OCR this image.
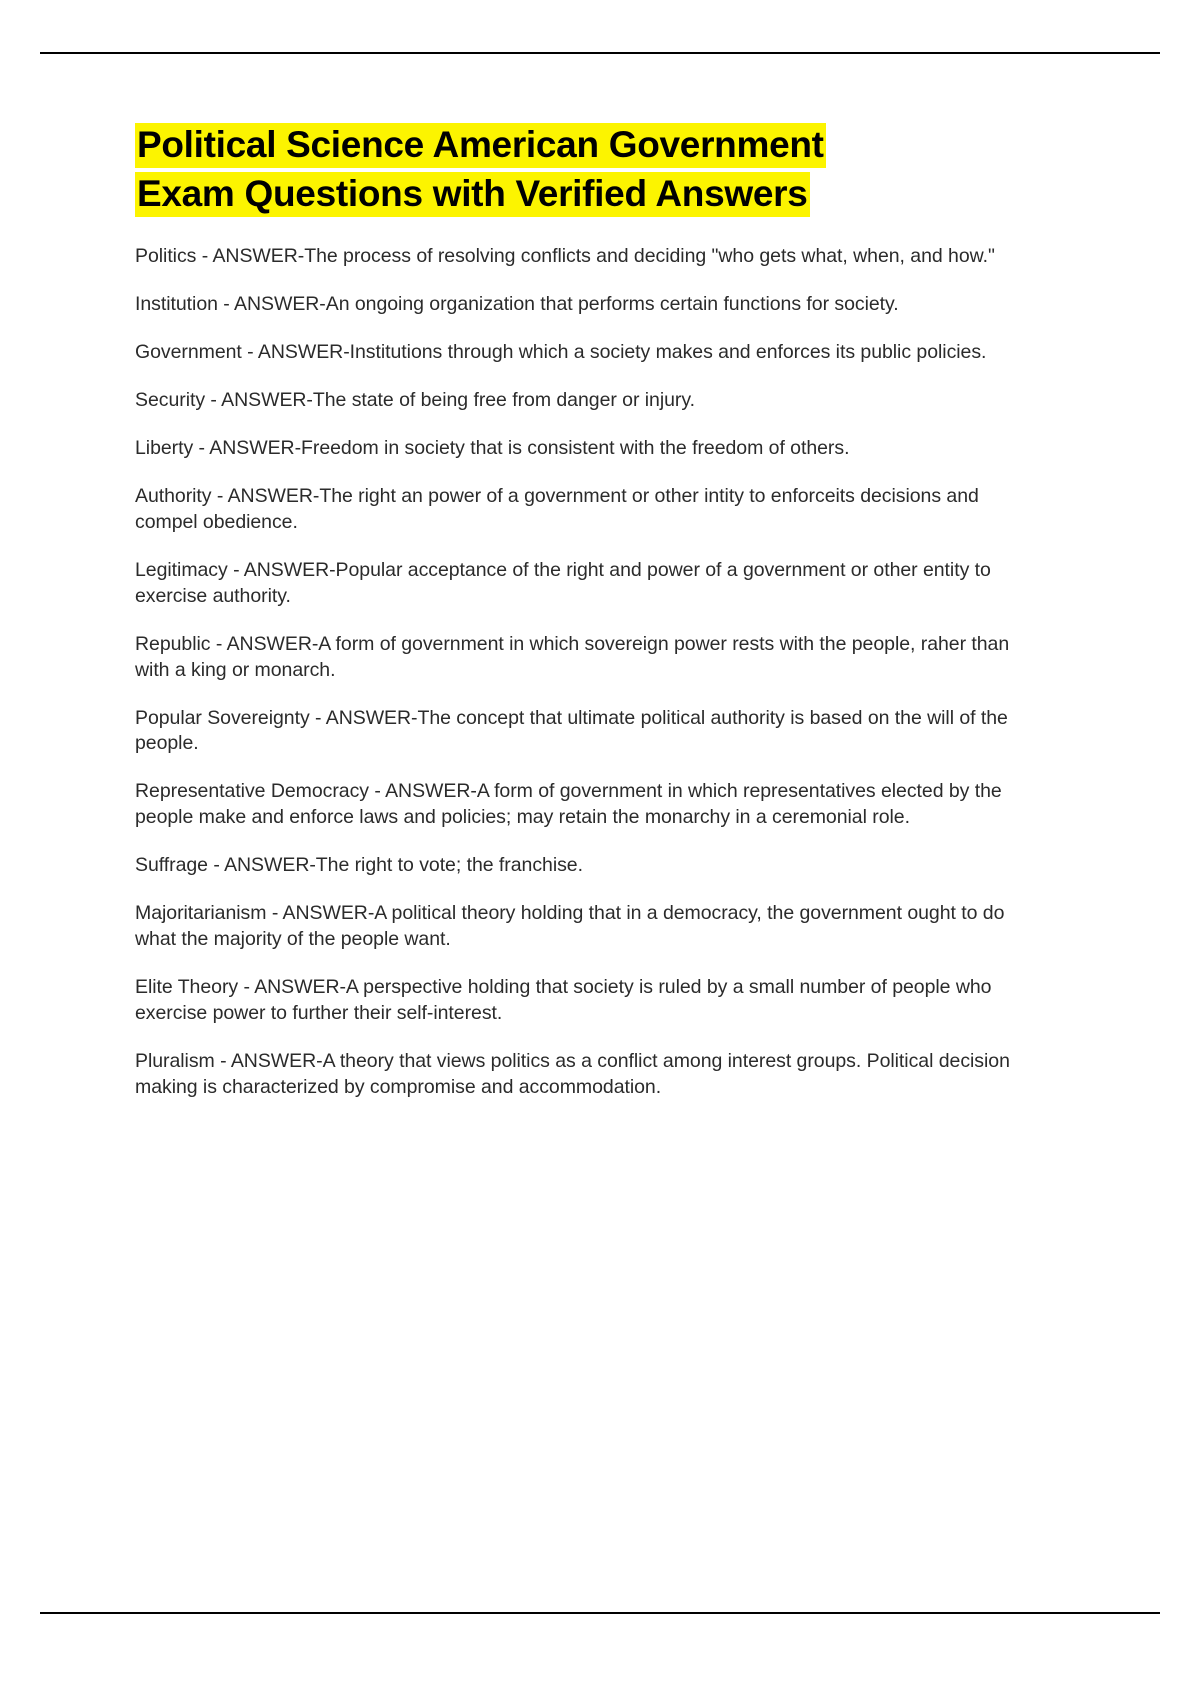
Political Science American Government
Exam Questions with Verified Answers

Politics - ANSWER-The process of resolving conflicts and deciding "who gets what, when, and how."

Institution - ANSWER-An ongoing organization that performs certain functions for society.

Government - ANSWER-Institutions through which a society makes and enforces its public policies.

Security - ANSWER-The state of being free from danger or injury.

Liberty - ANSWER-Freedom in society that is consistent with the freedom of others.

Authority - ANSWER-The right an power of a government or other intity to enforceits decisions and compel obedience.

Legitimacy - ANSWER-Popular acceptance of the right and power of a government or other entity to exercise authority.

Republic - ANSWER-A form of government in which sovereign power rests with the people, raher than with a king or monarch.

Popular Sovereignty - ANSWER-The concept that ultimate political authority is based on the will of the people.

Representative Democracy - ANSWER-A form of government in which representatives elected by the people make and enforce laws and policies; may retain the monarchy in a ceremonial role.

Suffrage - ANSWER-The right to vote; the franchise.

Majoritarianism - ANSWER-A political theory holding that in a democracy, the government ought to do what the majority of the people want.

Elite Theory - ANSWER-A perspective holding that society is ruled by a small number of people who exercise power to further their self-interest.

Pluralism - ANSWER-A theory that views politics as a conflict among interest groups. Political decision making is characterized by compromise and accommodation.
